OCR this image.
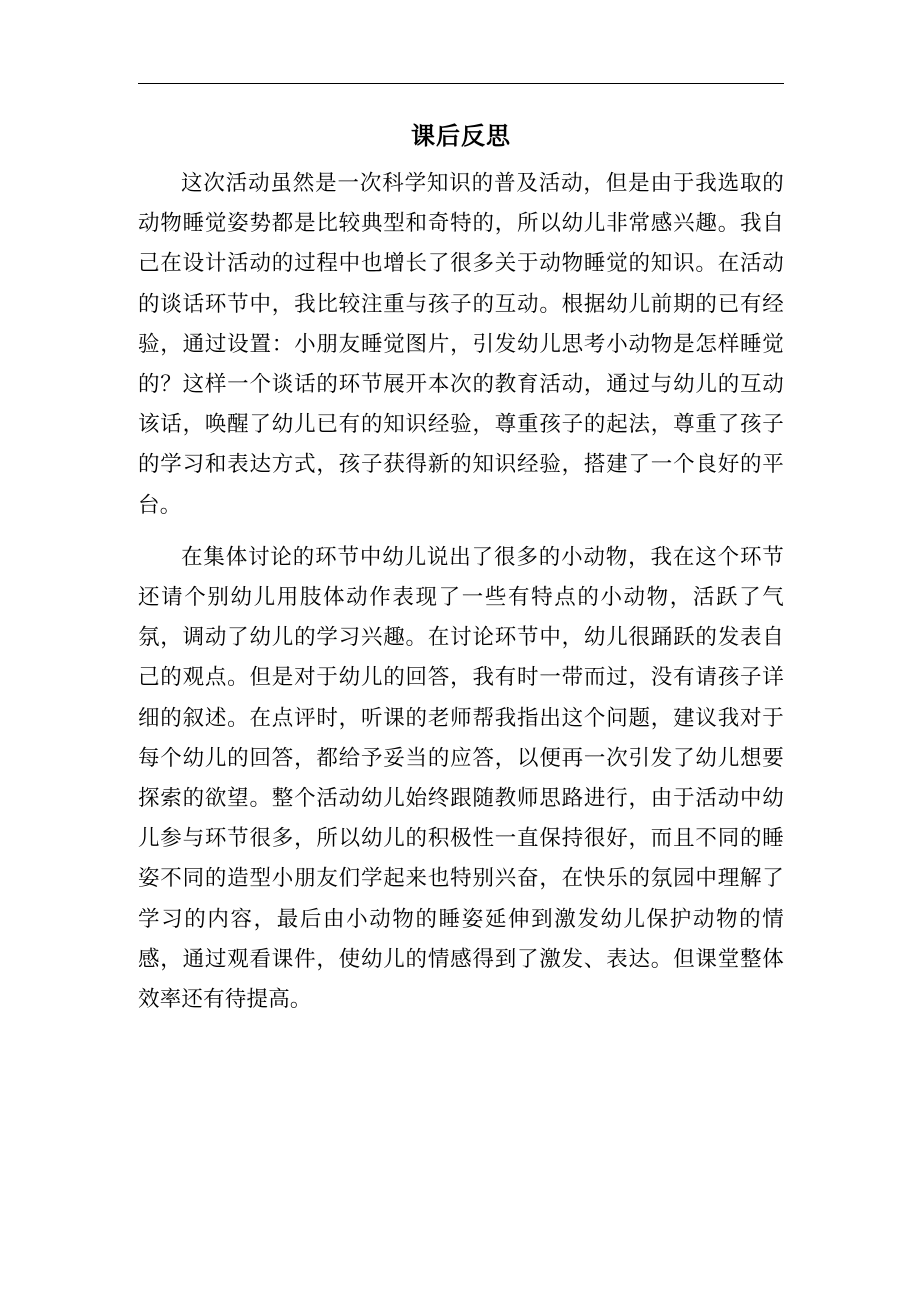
课后反思

这次活动虽然是一次科学知识的普及活动，但是由于我选取的动物睡觉姿势都是比较典型和奇特的，所以幼儿非常感兴趣。我自己在设计活动的过程中也增长了很多关于动物睡觉的知识。在活动的谈话环节中，我比较注重与孩子的互动。根据幼儿前期的已有经验，通过设置：小朋友睡觉图片，引发幼儿思考小动物是怎样睡觉的？这样一个谈话的环节展开本次的教育活动，通过与幼儿的互动该话，唤醒了幼儿已有的知识经验，尊重孩子的起法，尊重了孩子的学习和表达方式，孩子获得新的知识经验，搭建了一个良好的平台。

在集体讨论的环节中幼儿说出了很多的小动物，我在这个环节还请个别幼儿用肢体动作表现了一些有特点的小动物，活跃了气氛，调动了幼儿的学习兴趣。在讨论环节中，幼儿很踊跃的发表自己的观点。但是对于幼儿的回答，我有时一带而过，没有请孩子详细的叙述。在点评时，听课的老师帮我指出这个问题，建议我对于每个幼儿的回答，都给予妥当的应答，以便再一次引发了幼儿想要探索的欲望。整个活动幼儿始终跟随教师思路进行，由于活动中幼儿参与环节很多，所以幼儿的积极性一直保持很好，而且不同的睡姿不同的造型小朋友们学起来也特别兴奋，在快乐的氛园中理解了学习的内容，最后由小动物的睡姿延伸到激发幼儿保护动物的情感，通过观看课件，使幼儿的情感得到了激发、表达。但课堂整体效率还有待提高。
